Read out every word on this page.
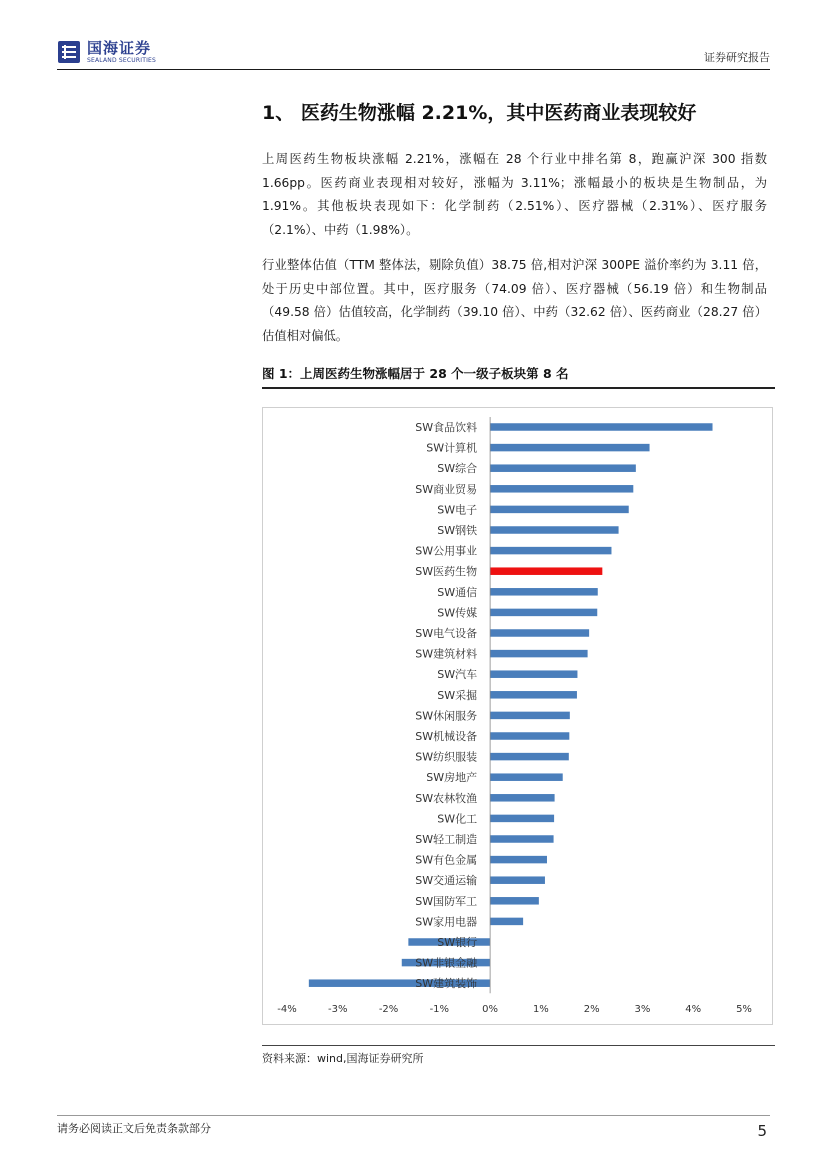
国海证券
SEALAND SECURITIES	证券研究报告
1、 医药生物涨幅 2.21%，其中医药商业表现较好

上周医药生物板块涨幅 2.21%，涨幅在 28 个行业中排名第 8，跑赢沪深 300 指数 1.66pp。医药商业表现相对较好，涨幅为 3.11%；涨幅最小的板块是生物制品，为 1.91%。其他板块表现如下：化学制药（2.51%）、医疗器械（2.31%）、医疗服务（2.1%）、中药（1.98%）。

行业整体估值（TTM 整体法，剔除负值）38.75 倍,相对沪深 300PE 溢价率约为 3.11 倍，处于历史中部位置。其中，医疗服务（74.09 倍）、医疗器械（56.19 倍）和生物制品（49.58 倍）估值较高，化学制药（39.10 倍）、中药（32.62 倍）、医药商业（28.27 倍）估值相对偏低。

图 1：上周医药生物涨幅居于 28 个一级子板块第 8 名
SW食品饮料
SW计算机
SW综合
SW商业贸易
SW电子
SW钢铁
SW公用事业
SW医药生物
SW通信
SW传媒
SW电气设备
SW建筑材料
SW汽车
SW采掘
SW休闲服务
SW机械设备
SW纺织服装
SW房地产
SW农林牧渔
SW化工
SW轻工制造
SW有色金属
SW交通运输
SW国防军工
SW家用电器
SW银行
SW非银金融
SW建筑装饰
-4%	-3%	-2%	-1%	0%	1%	2%	3%	4%	5%
资料来源：wind,国海证券研究所
请务必阅读正文后免责条款部分	5
